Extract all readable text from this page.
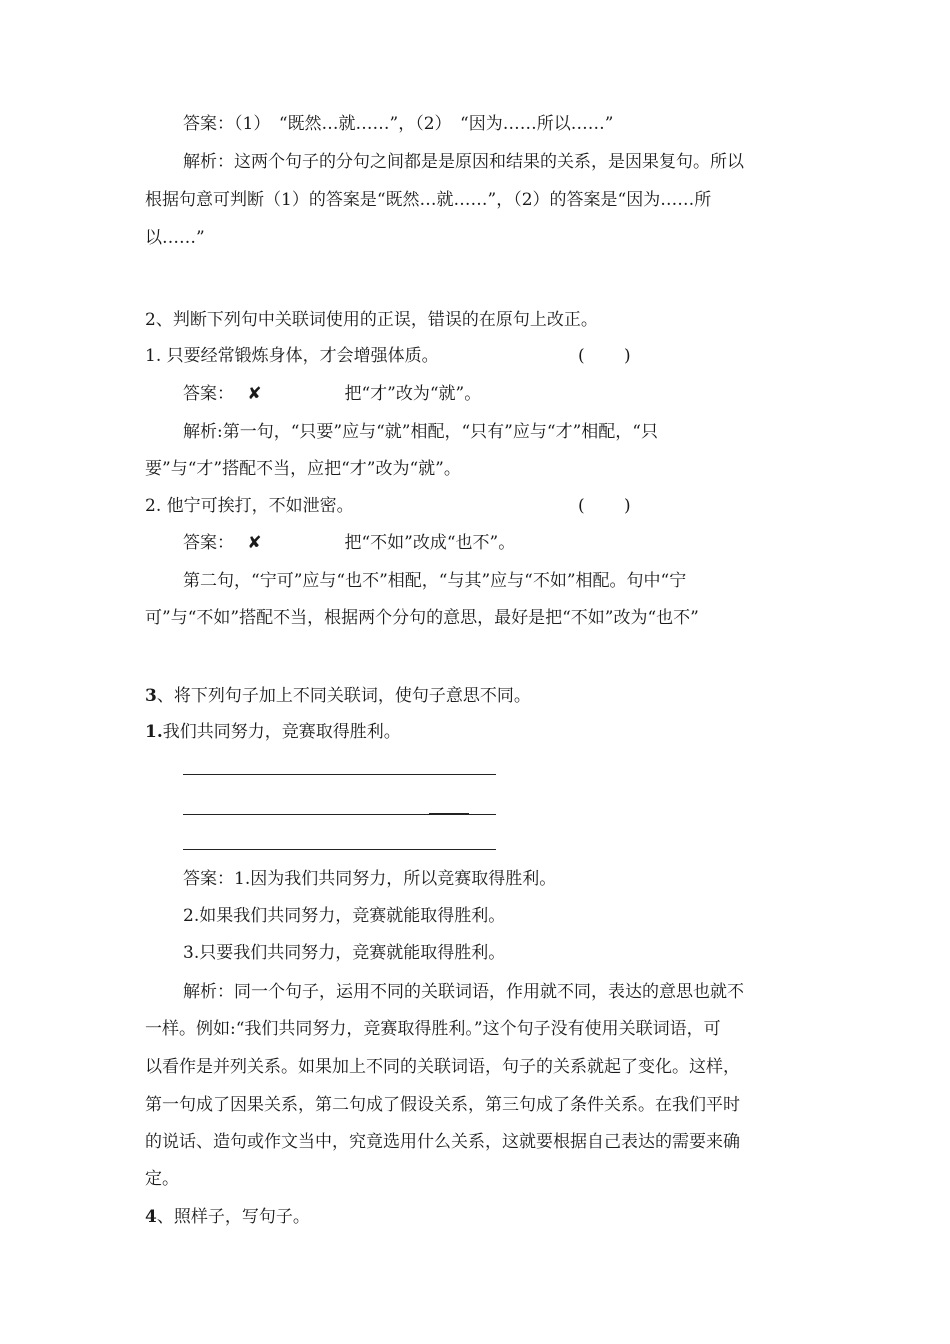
答案：（1）　“既然…就……”，（2）　“因为……所以……”
解析：这两个句子的分句之间都是是原因和结果的关系，是因果复句。所以
根据句意可判断（1）的答案是“既然…就……”，（2）的答案是“因为……所
以……”
2、判断下列句中关联词使用的正误，错误的在原句上改正。
1. 只要经常锻炼身体，才会增强体质。	(　　 )
答案： ✘	把“才”改为“就”。
解析:第一句，“只要”应与“就”相配，“只有”应与“才”相配，“只
要”与“才”搭配不当，应把“才”改为“就”。
2. 他宁可挨打，不如泄密。	(　　 )
答案： ✘	把“不如”改成“也不”。
第二句，“宁可”应与“也不”相配，“与其”应与“不如”相配。句中“宁
可”与“不如”搭配不当，根据两个分句的意思，最好是把“不如”改为“也不”
3、将下列句子加上不同关联词，使句子意思不同。
1.我们共同努力，竞赛取得胜利。
答案：1.因为我们共同努力，所以竞赛取得胜利。
2.如果我们共同努力，竞赛就能取得胜利。
3.只要我们共同努力，竞赛就能取得胜利。
解析：同一个句子，运用不同的关联词语，作用就不同，表达的意思也就不
一样。例如:“我们共同努力，竞赛取得胜利。”这个句子没有使用关联词语，可
以看作是并列关系。如果加上不同的关联词语，句子的关系就起了变化。这样，
第一句成了因果关系，第二句成了假设关系，第三句成了条件关系。在我们平时
的说话、造句或作文当中，究竟选用什么关系，这就要根据自己表达的需要来确
定。
4、照样子，写句子。
